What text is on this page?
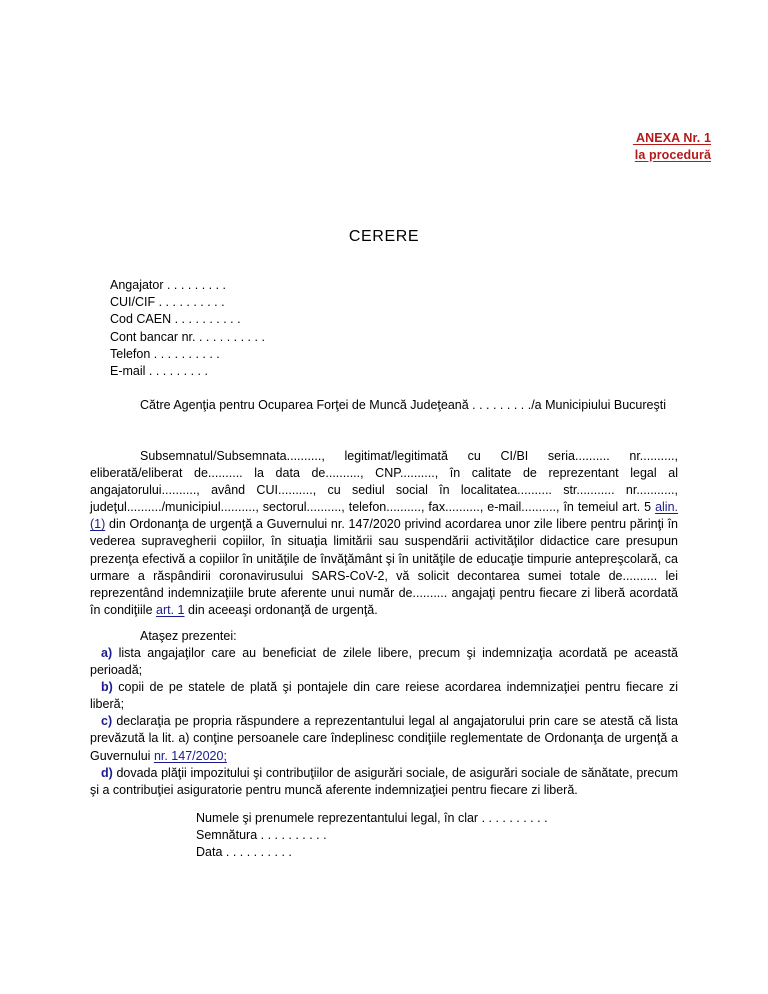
ANEXA Nr. 1
la procedură
CERERE
Angajator . . . . . . . . .
CUI/CIF . . . . . . . . . .
Cod CAEN . . . . . . . . . .
Cont bancar nr. . . . . . . . . . .
Telefon . . . . . . . . . .
E-mail . . . . . . . . .
Către Agenţia pentru Ocuparea Forţei de Muncă Judeţeană . . . . . . . . ./a Municipiului Bucureşti
Subsemnatul/Subsemnata.........., legitimat/legitimată cu CI/BI seria.......... nr.........., eliberată/eliberat de.......... la data de.........., CNP.........., în calitate de reprezentant legal al angajatorului.........., având CUI.........., cu sediul social în localitatea.......... str........... nr..........., judeţul........../municipiul.........., sectorul.........., telefon.........., fax.........., e-mail.........., în temeiul art. 5 alin. (1) din Ordonanţa de urgenţă a Guvernului nr. 147/2020 privind acordarea unor zile libere pentru părinţi în vederea supravegherii copiilor, în situaţia limitării sau suspendării activităţilor didactice care presupun prezenţa efectivă a copiilor în unităţile de învăţământ şi în unităţile de educaţie timpurie antepreşcolară, ca urmare a răspândirii coronavirusului SARS-CoV-2, vă solicit decontarea sumei totale de.......... lei reprezentând indemnizaţiile brute aferente unui număr de.......... angajaţi pentru fiecare zi liberă acordată în condiţiile art. 1 din aceeaşi ordonanţă de urgenţă.
Ataşez prezentei:

a) lista angajaţilor care au beneficiat de zilele libere, precum şi indemnizaţia acordată pe această perioadă;

b) copii de pe statele de plată şi pontajele din care reiese acordarea indemnizaţiei pentru fiecare zi liberă;

c) declaraţia pe propria răspundere a reprezentantului legal al angajatorului prin care se atestă că lista prevăzută la lit. a) conţine persoanele care îndeplinesc condiţiile reglementate de Ordonanţa de urgenţă a Guvernului nr. 147/2020;

d) dovada plăţii impozitului şi contribuţiilor de asigurări sociale, de asigurări sociale de sănătate, precum şi a contribuţiei asiguratorie pentru muncă aferente indemnizaţiei pentru fiecare zi liberă.

Numele şi prenumele reprezentantului legal, în clar . . . . . . . . . .
Semnătura . . . . . . . . . .
Data . . . . . . . . . .
